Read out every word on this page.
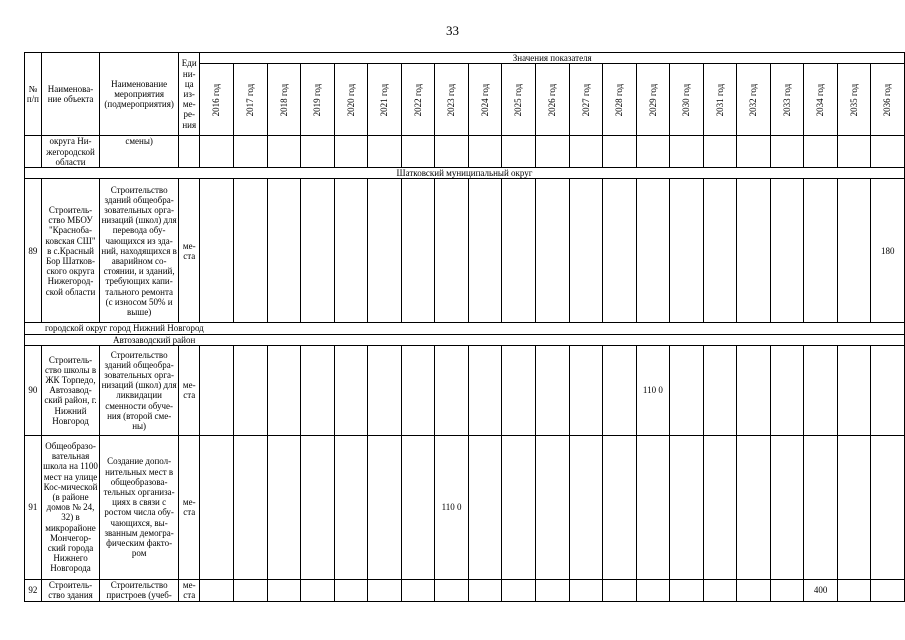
33
№ п/п	Наименова-ние объекта	Наименование мероприятия (подмероприятия)	Еди ни-ца из-ме-ре-ния	Значения показателя																				
				2016 год	2017 год	2018 год	2019 год	2020 год	2021 год	2022 год	2023 год	2024 год	2025 год	2026 год	2027 год	2028 год	2029 год	2030 год	2031 год	2032 год	2033 год	2034 год	2035 год	2036 год
	округа Ни-жегородской области	смены)																						
Шатковский муниципальный округ																								
89	Строитель-ство МБОУ "Краснобa-ковская СШ" в с.Красный Бор Шатков-ского округа Нижегород-ской области	Строительство зданий общеобра-зовательных орга-низаций (школ) для перевода обу-чающихся из зда-ний, находящихся в аварийном со-стоянии, и зданий, требующих капи-тального ремонта (с износом 50% и выше)	ме-ста																					180
городской округ город Нижний Новгород																								
Автозаводский район																								
90	Строитель-ство школы в ЖК Торпедо, Автозавод-ский район, г. Нижний Новгород	Строительство зданий общеобра-зовательных орга-низаций (школ) для ликвидации сменности обуче-ния (второй сме-ны)	ме-ста														110 0							
91	Общеобразо-вательная школа на 1100 мест на улице Кос-мической (в районе домов № 24, 32) в микрорайоне Мончегор-ский города Нижнего Новгорода	Создание допол-нительных мест в общеобразова-тельных организа-циях в связи с ростом числа обу-чающихся, вы-званным демогра-фическим факто-ром	ме-ста								110 0													
92	Строитель-ство здания	Строительство пристроев (учеб-	ме-ста																			400		
